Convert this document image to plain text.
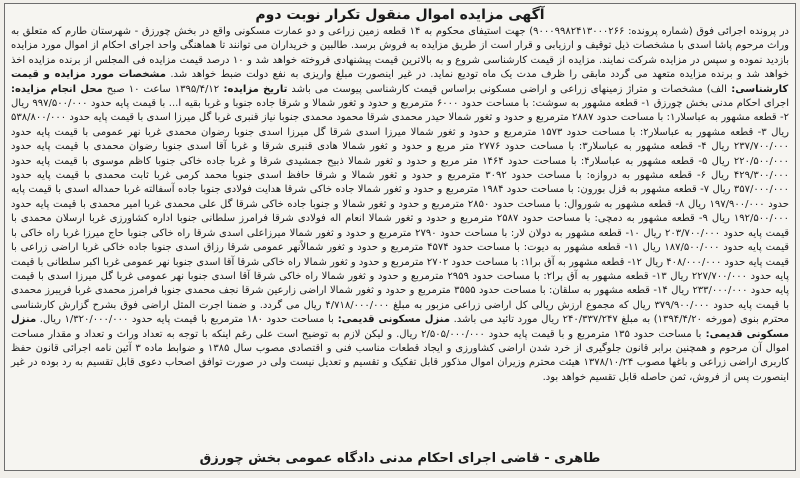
آگهی مزایده اموال منقول تکرار نوبت دوم
در پرونده اجرائی فوق (شماره پرونده: ۹۰۰۰۹۹۸۲۴۱۳۰۰۰۲۶۶) جهت استیفای محکوم به ۱۴ قطعه زمین زراعی و دو عمارت مسکونی واقع در بخش چورزق - شهرستان طارم که متعلق به وراث مرحوم پاشا اسدی با مشخصات ذیل توقیف و ارزیابی و قرار است از طریق مزایده به فروش برسد. طالبین و خریداران می توانند تا هماهنگی واحد اجرای احکام از اموال مورد مزایده بازدید نموده و سپس در مزایده شرکت نمایند. مزایده از قیمت کارشناسی شروع و به بالاترین قیمت پیشنهادی فروخته خواهد شد و ۱۰ درصد قیمت مزایده فی المجلس از برنده مزایده اخذ خواهد شد و برنده مزایده متعهد می گردد مابقی را ظرف مدت یک ماه تودیع نماید. در غیر اینصورت مبلغ واریزی به نفع دولت ضبط خواهد شد. مشخصات مورد مزایده و قیمت کارشناسی: الف) مشخصات و متراژ زمینهای زراعی و اراضی مسکونی براساس قیمت کارشناسی پیوست می باشد تاریخ مزایده: ۱۳۹۵/۴/۱۲ ساعت ۱۰ صبح محل انجام مزایده: اجرای احکام مدنی بخش چورزق ۱- قطعه مشهور به سوشت: با مساحت حدود ۶۰۰۰ مترمربع و حدود و ثغور شمالا و شرقا جاده جنوبا و غربا بقیه ا... با قیمت پایه حدود ۹۹۷/۵۰۰/۰۰۰ ریال ۲- قطعه مشهور به عباسلار۱: با مساحت حدود ۲۸۸۷ مترمربع و حدود و ثغور شمالا حیدر محمدی شرقا محمود محمدی جنوبا نیاز قنبری غربا گل میرزا اسدی با قیمت پایه حدود ۵۳۸/۸۰۰/۰۰۰ ریال ۳- قطعه مشهور به عباسلار۲: با مساحت حدود ۱۵۷۳ مترمربع و حدود و ثغور شمالا میرزا اسدی شرقا گل میرزا اسدی جنوبا رضوان محمدی غربا نهر عمومی با قیمت پایه حدود ۲۳۷/۷۰۰/۰۰۰ ریال ۴- قطعه مشهور به عباسلار۳: با مساحت حدود ۲۷۷۶ متر مربع و حدود و ثغور شمالا هادی قنبری شرقا و غربا آقا اسدی جنوبا رضوان محمدی با قیمت پایه حدود ۲۲۰/۵۰۰/۰۰۰ ریال ۵- قطعه مشهور به عباسلار۴: با مساحت حدود ۱۴۶۴ متر مربع و حدود و ثغور شمالا ذبیح جمشیدی شرقا و غربا جاده خاکی جنوبا کاظم موسوی با قیمت پایه حدود ۴۲۹/۳۰۰/۰۰۰ ریال ۶- قطعه مشهور به دروازه: با مساحت حدود ۳۰۹۲ مترمربع و حدود و ثغور شمالا و شرقا حافظ اسدی جنوبا محمد کرمی غربا ثابت محمدی با قیمت پایه حدود ۳۵۷/۰۰۰/۰۰۰ ریال ۷- قطعه مشهور به قزل بورون: با مساحت حدود ۱۹۸۴ مترمربع و حدود و ثغور شمالا جاده خاکی شرقا هدایت فولادی جنوبا جاده آسفالته غربا حمداله اسدی با قیمت پایه حدود ۱۹۷/۹۰۰/۰۰۰ ریال ۸- قطعه مشهور به شوروال: با مساحت حدود ۲۸۵۰ مترمربع و حدود و ثغور شمالا و جنوبا جاده خاکی شرقا گل علی محمدی غربا امیر محمدی با قیمت پایه حدود ۱۹۲/۵۰۰/۰۰۰ ریال ۹- قطعه مشهور به دمچی: با مساحت حدود ۲۵۸۷ مترمربع و حدود و ثغور شمالا انعام اله فولادی شرقا فرامرز سلطانی جنوبا اداره کشاورزی غربا ارسلان محمدی با قیمت پایه حدود ۲۰۳/۷۰۰/۰۰۰ ریال ۱۰- قطعه مشهور به دولان لار: با مساحت حدود ۲۷۹۰ مترمربع و حدود و ثغور شمالا میرزاعلی اسدی شرقا راه خاکی جنوبا حاج میرزا غربا راه خاکی با قیمت پایه حدود ۱۸۷/۵۰۰/۰۰۰ ریال ۱۱- قطعه مشهور به دیوت: با مساحت حدود ۴۵۷۴ مترمربع و حدود و ثغور شمالاًنهر عمومی شرقا رزاق اسدی جنوبا جاده خاکی غربا اراضی زراعی با قیمت پایه حدود ۴۰۸/۰۰۰/۰۰۰ ریال ۱۲- قطعه مشهور به آق برا۱: با مساحت حدود ۲۷۰۲ مترمربع و حدود و ثغور شمالا راه خاکی شرقا آقا اسدی جنوبا نهر عمومی غربا اکبر سلطانی با قیمت پایه حدود ۲۲۷/۷۰۰/۰۰۰ ریال ۱۳- قطعه مشهور به آق برا۲: با مساحت حدود ۲۹۵۹ مترمربع و حدود و ثغور شمالا راه خاکی شرقا آقا اسدی جنوبا نهر عمومی غربا گل میرزا اسدی با قیمت پایه حدود ۲۳۳/۰۰۰/۰۰۰ ریال ۱۴- قطعه مشهور به سلقان: با مساحت حدود ۳۵۵۵ مترمربع و حدود و ثغور شمالا اراضی زارعین شرقا نجف محمدی جنوبا فرامرز محمدی غربا فریبرز محمدی با قیمت پایه حدود ۳۷۹/۹۰۰/۰۰۰ ریال که مجموع ارزش ریالی کل اراضی زراعی مزبور به مبلغ ۴/۷۱۸/۰۰۰/۰۰۰ ریال می گردد. و ضمنا اجرت المثل اراضی فوق بشرح گزارش کارشناسی محترم بنوی (مورخه ۱۳۹۴/۴/۲۰) به مبلغ ۲۴۰/۳۳۷/۲۴۷ ریال مورد تائید می باشد. منزل مسکونی قدیمی: با مساحت حدود ۱۸۰ مترمربع با قیمت پایه حدود ۱/۳۲۰/۰۰۰/۰۰۰ ریال. منزل مسکونی قدیمی: با مساحت حدود ۱۳۵ مترمربع و با قیمت پایه حدود ۲/۵۰۵/۰۰۰/۰۰۰ ریال. و لیکن لازم به توضیح است علی رغم اینکه با توجه به تعداد وراث و تعداد و مقدار مساحت اموال آن مرحوم و همچنین برابر قانون جلوگیری از خرد شدن اراضی کشاورزی و ایجاد قطعات مناسب فنی و اقتصادی مصوب سال ۱۳۸۵ و ضوابط ماده ۳ آئین نامه اجرائی قانون حفظ کاربری اراضی زراعی و باغها مصوب ۱۳۷۸/۱۰/۲۴ هیئت محترم وزیران اموال مذکور قابل تفکیک و تقسیم و تعدیل نیست ولی در صورت توافق اصحاب دعوی قابل تقسیم به رد بوده در غیر اینصورت پس از فروش، ثمن حاصله قابل تقسیم خواهد بود.
طاهری - قاضی اجرای احکام مدنی دادگاه عمومی بخش چورزق
